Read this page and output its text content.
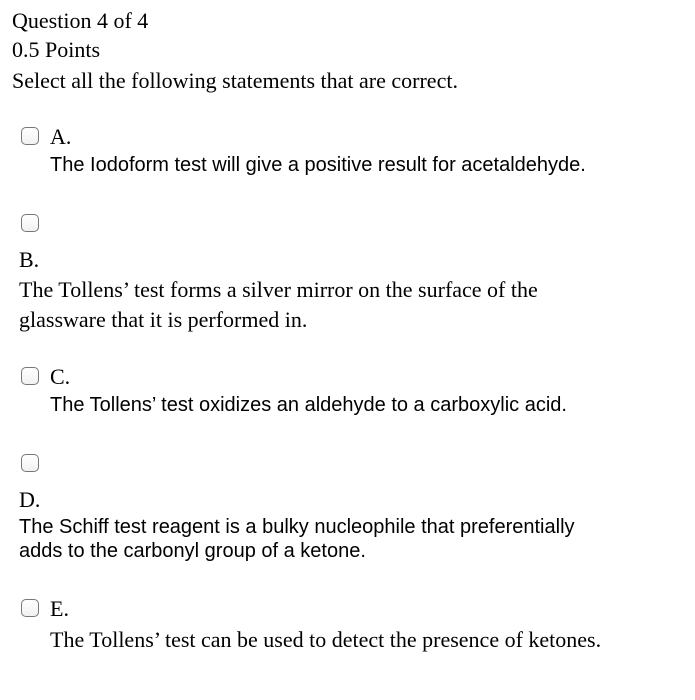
Question 4 of 4
0.5 Points
Select all the following statements that are correct.
A.
The Iodoform test will give a positive result for acetaldehyde.
B.
The Tollens’ test forms a silver mirror on the surface of the
glassware that it is performed in.
C.
The Tollens’ test oxidizes an aldehyde to a carboxylic acid.
D.
The Schiff test reagent is a bulky nucleophile that preferentially
adds to the carbonyl group of a ketone.
E.
The Tollens’ test can be used to detect the presence of ketones.
